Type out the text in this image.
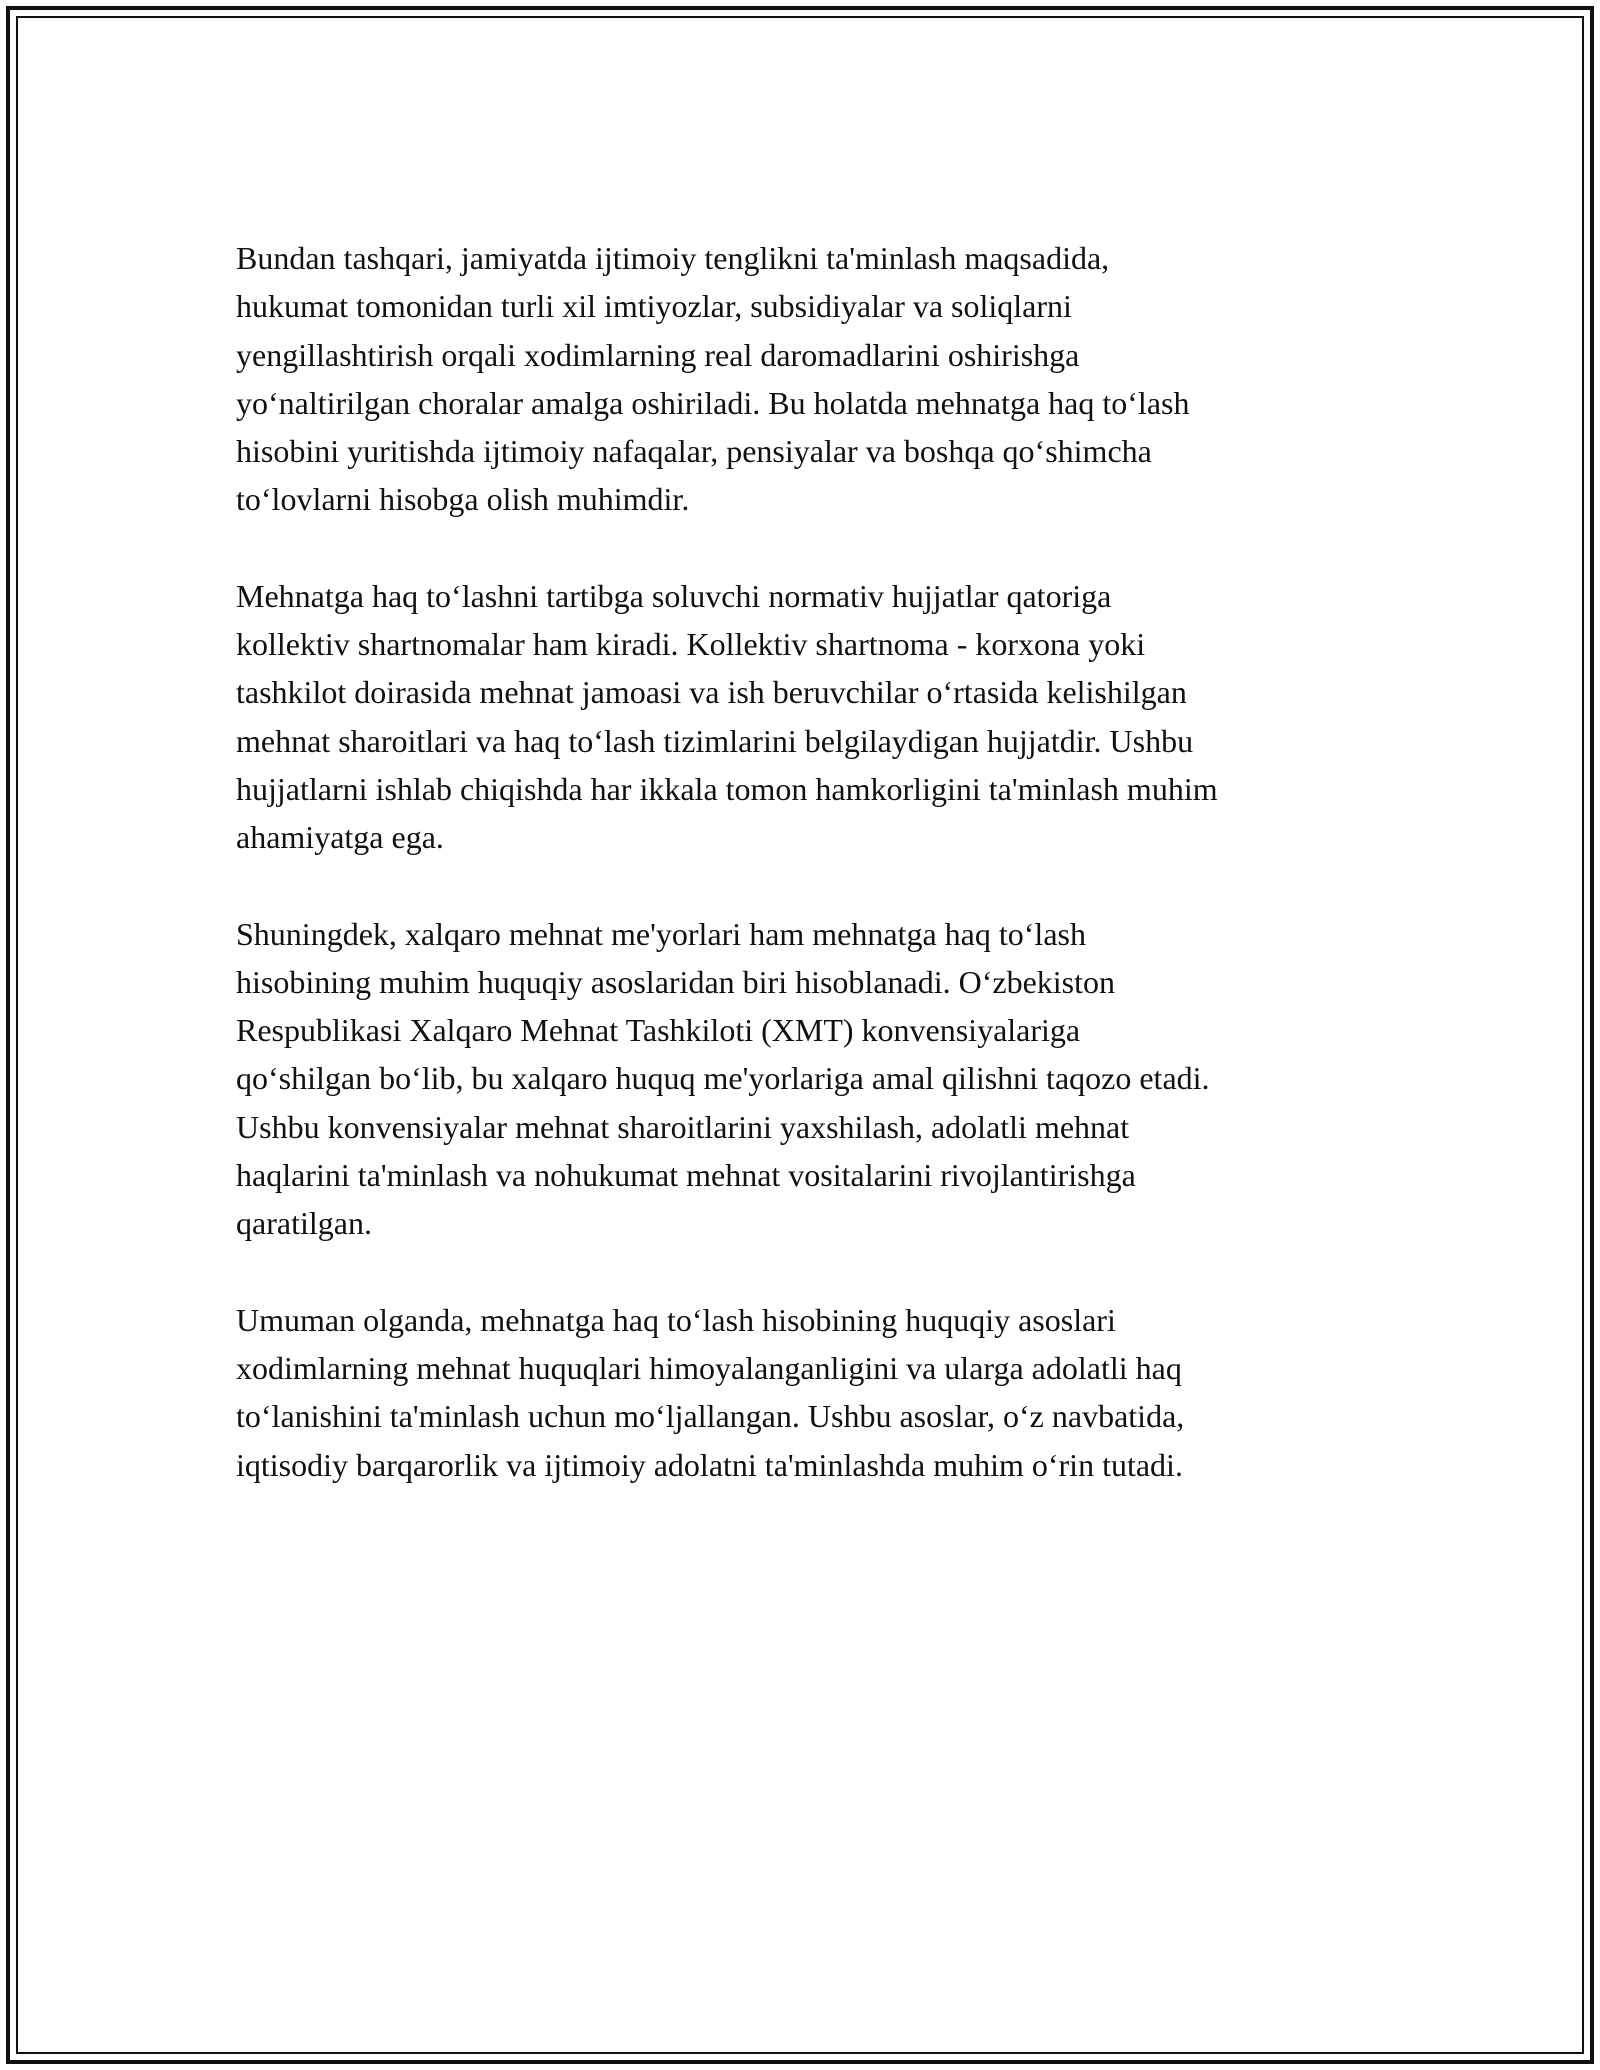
Bundan tashqari, jamiyatda ijtimoiy tenglikni ta'minlash maqsadida,
hukumat tomonidan turli xil imtiyozlar, subsidiyalar va soliqlarni
yengillashtirish orqali xodimlarning real daromadlarini oshirishga
yoʻnaltirilgan choralar amalga oshiriladi. Bu holatda mehnatga haq toʻlash
hisobini yuritishda ijtimoiy nafaqalar, pensiyalar va boshqa qoʻshimcha
toʻlovlarni hisobga olish muhimdir.

Mehnatga haq toʻlashni tartibga soluvchi normativ hujjatlar qatoriga
kollektiv shartnomalar ham kiradi. Kollektiv shartnoma - korxona yoki
tashkilot doirasida mehnat jamoasi va ish beruvchilar oʻrtasida kelishilgan
mehnat sharoitlari va haq toʻlash tizimlarini belgilaydigan hujjatdir. Ushbu
hujjatlarni ishlab chiqishda har ikkala tomon hamkorligini ta'minlash muhim
ahamiyatga ega.

Shuningdek, xalqaro mehnat me'yorlari ham mehnatga haq toʻlash
hisobining muhim huquqiy asoslaridan biri hisoblanadi. Oʻzbekiston
Respublikasi Xalqaro Mehnat Tashkiloti (XMT) konvensiyalariga
qoʻshilgan boʻlib, bu xalqaro huquq me'yorlariga amal qilishni taqozo etadi.
Ushbu konvensiyalar mehnat sharoitlarini yaxshilash, adolatli mehnat
haqlarini ta'minlash va nohukumat mehnat vositalarini rivojlantirishga
qaratilgan.

Umuman olganda, mehnatga haq toʻlash hisobining huquqiy asoslari
xodimlarning mehnat huquqlari himoyalanganligini va ularga adolatli haq
toʻlanishini ta'minlash uchun moʻljallangan. Ushbu asoslar, oʻz navbatida,
iqtisodiy barqarorlik va ijtimoiy adolatni ta'minlashda muhim oʻrin tutadi.
